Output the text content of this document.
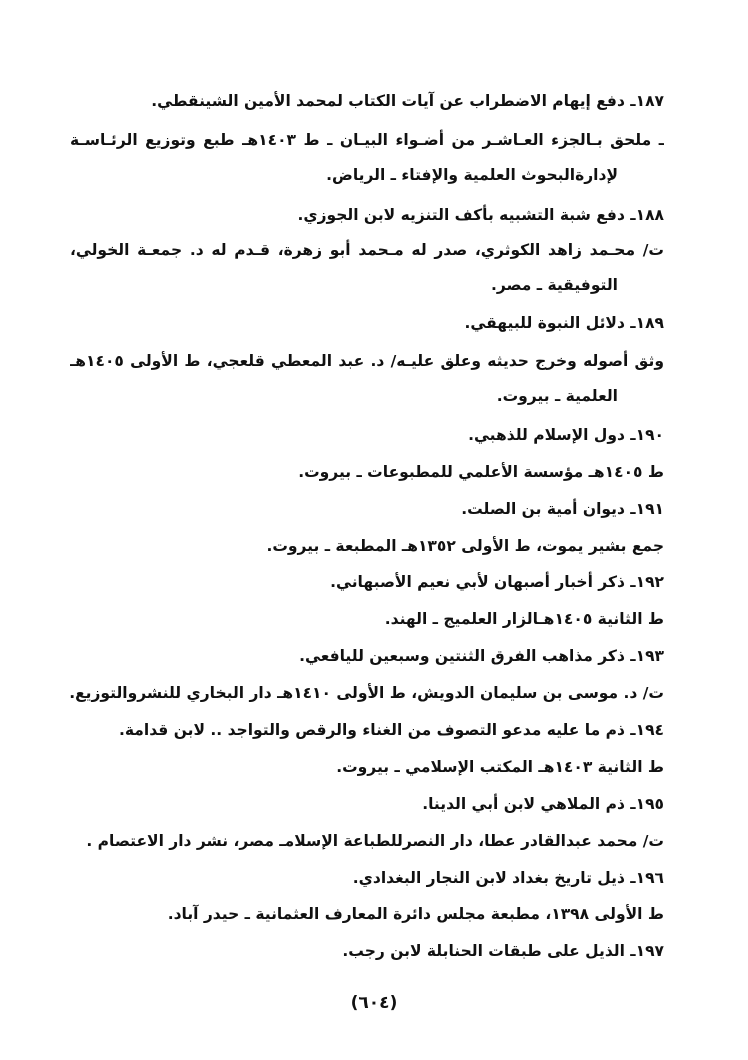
١٨٧ـ دفع إيهام الاضطراب عن آيات الكتاب لمحمد الأمين الشينقطي.
ـ ملحق بـالجزء العـاشـر من أضـواء البيـان ـ ط ١٤٠٣هـ طبع وتوزيع الرئـاسـة
لإدارةالبحوث العلمية والإفتاء ـ الرياض.
١٨٨ـ دفع شبة التشبيه بأكف التنزيه لابن الجوزي.
ت/ محـمد زاهد الكوثري، صدر له مـحمد أبو زهرة، قـدم له د. جمعـة الخولي،
التوفيقية ـ مصر.
١٨٩ـ دلائل النبوة للبيهقي.
وثق أصوله وخرج حديثه وعلق عليـه/ د. عبد المعطي قلعجي، ط الأولى ١٤٠٥هـ
العلمية ـ بيروت.
١٩٠ـ دول الإسلام للذهبي.
ط ١٤٠٥هـ مؤسسة الأعلمي للمطبوعات ـ بيروت.
١٩١ـ ديوان أمية بن الصلت.
جمع بشير يموت، ط الأولى ١٣٥٢هـ المطبعة ـ بيروت.
١٩٢ـ ذكر أخبار أصبهان لأبي نعيم الأصبهاني.
ط الثانية ١٤٠٥هـالزار العلميج ـ الهند.
١٩٣ـ ذكر مذاهب الفرق الثنتين وسبعين لليافعي.
ت/ د. موسى بن سليمان الدويش، ط الأولى ١٤١٠هـ دار البخاري للنشروالتوزيع.
١٩٤ـ ذم ما عليه مدعو التصوف من الغناء والرقص والتواجد .. لابن قدامة.
ط الثانية ١٤٠٣هـ المكتب الإسلامي ـ بيروت.
١٩٥ـ ذم الملاهي لابن أبي الدينا.
ت/ محمد عبدالقادر عطا، دار النصرللطباعة الإسلامـ مصر، نشر دار الاعتصام .
١٩٦ـ ذيل تاريخ بغداد لابن النجار البغدادي.
ط الأولى ١٣٩٨، مطبعة مجلس دائرة المعارف العثمانية ـ حيدر آباد.
١٩٧ـ الذيل على طبقات الحنابلة لابن رجب.
(٦٠٤)
